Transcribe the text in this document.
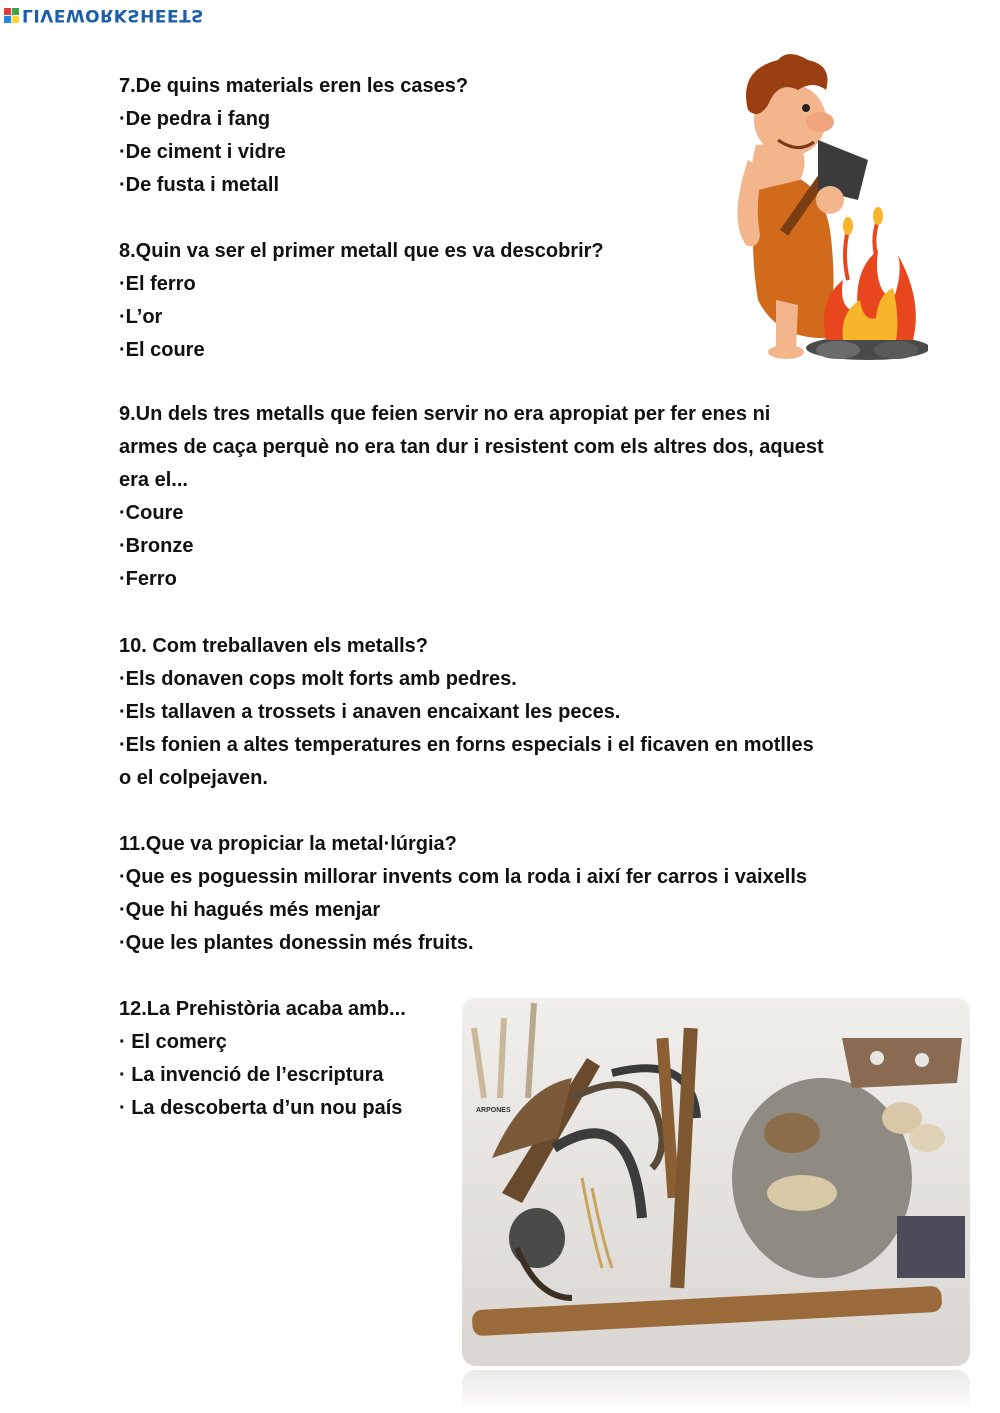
LIVEWORKSHEETS
7.De quins materials eren les cases?
·De pedra i fang
·De ciment i vidre
·De fusta i metall
8.Quin va ser el primer metall que es va descobrir?
·El ferro
·L’or
·El coure
9.Un dels tres metalls que feien servir no era apropiat per fer enes ni
armes de caça perquè no era tan dur i resistent com els altres dos, aquest
era el...
·Coure
·Bronze
·Ferro
10. Com treballaven els metalls?
·Els donaven cops molt forts amb pedres.
·Els tallaven a trossets i anaven encaixant les peces.
·Els fonien a altes temperatures en forns especials i el ficaven en motlles
o el colpejaven.
11.Que va propiciar la metal·lúrgia?
·Que es poguessin millorar invents com la roda i així fer carros i vaixells
·Que hi hagués més menjar
·Que les plantes donessin més fruits.
12.La Prehistòria acaba amb...
· El comerç
· La invenció de l’escriptura
· La descoberta d’un nou país	ARPONES
